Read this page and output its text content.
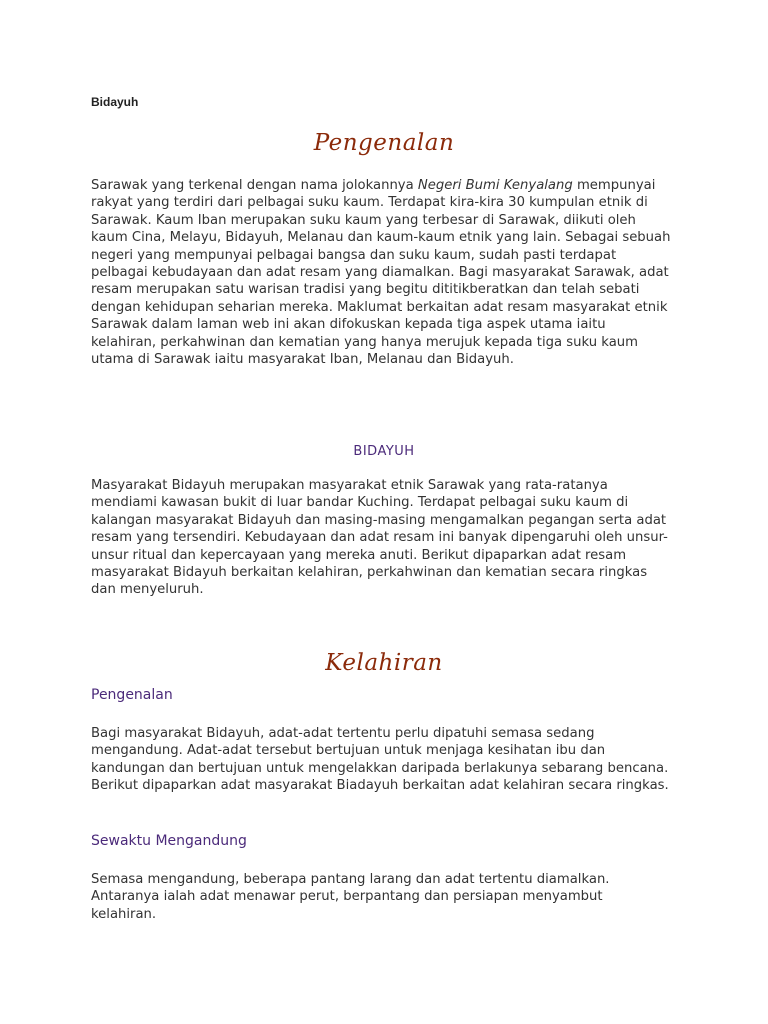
Bidayuh
Pengenalan

Sarawak yang terkenal dengan nama jolokannya Negeri Bumi Kenyalang mempunyai rakyat yang terdiri dari pelbagai suku kaum. Terdapat kira-kira 30 kumpulan etnik di Sarawak. Kaum Iban merupakan suku kaum yang terbesar di Sarawak, diikuti oleh kaum Cina, Melayu, Bidayuh, Melanau dan kaum-kaum etnik yang lain. Sebagai sebuah negeri yang mempunyai pelbagai bangsa dan suku kaum, sudah pasti terdapat pelbagai kebudayaan dan adat resam yang diamalkan. Bagi masyarakat Sarawak, adat resam merupakan satu warisan tradisi yang begitu dititikberatkan dan telah sebati dengan kehidupan seharian mereka. Maklumat berkaitan adat resam masyarakat etnik Sarawak dalam laman web ini akan difokuskan kepada tiga aspek utama iaitu kelahiran, perkahwinan dan kematian yang hanya merujuk kepada tiga suku kaum utama di Sarawak iaitu masyarakat Iban, Melanau dan Bidayuh.

BIDAYUH

Masyarakat Bidayuh merupakan masyarakat etnik Sarawak yang rata-ratanya mendiami kawasan bukit di luar bandar Kuching. Terdapat pelbagai suku kaum di kalangan masyarakat Bidayuh dan masing-masing mengamalkan pegangan serta adat resam yang tersendiri. Kebudayaan dan adat resam ini banyak dipengaruhi oleh unsur-unsur ritual dan kepercayaan yang mereka anuti. Berikut dipaparkan adat resam masyarakat Bidayuh berkaitan kelahiran, perkahwinan dan kematian secara ringkas dan menyeluruh.

Kelahiran
Pengenalan

Bagi masyarakat Bidayuh, adat-adat tertentu perlu dipatuhi semasa sedang mengandung. Adat-adat tersebut bertujuan untuk menjaga kesihatan ibu dan kandungan dan bertujuan untuk mengelakkan daripada berlakunya sebarang bencana. Berikut dipaparkan adat masyarakat Biadayuh berkaitan adat kelahiran secara ringkas.

Sewaktu Mengandung

Semasa mengandung, beberapa pantang larang dan adat tertentu diamalkan. Antaranya ialah adat menawar perut, berpantang dan persiapan menyambut kelahiran.
